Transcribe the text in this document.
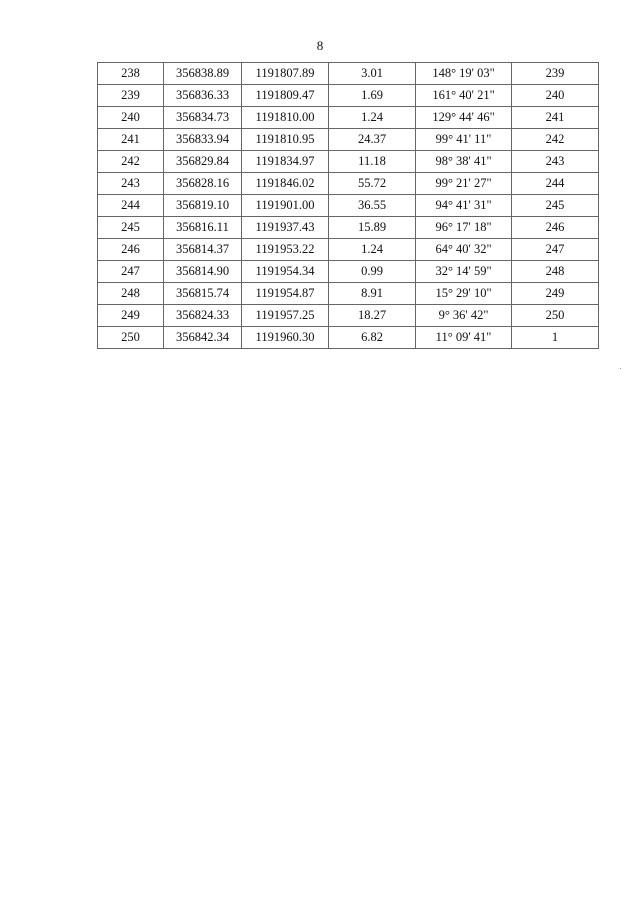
8
238	356838.89	1191807.89	3.01	148° 19' 03"	239
239	356836.33	1191809.47	1.69	161° 40' 21"	240
240	356834.73	1191810.00	1.24	129° 44' 46"	241
241	356833.94	1191810.95	24.37	99° 41' 11"	242
242	356829.84	1191834.97	11.18	98° 38' 41"	243
243	356828.16	1191846.02	55.72	99° 21' 27"	244
244	356819.10	1191901.00	36.55	94° 41' 31"	245
245	356816.11	1191937.43	15.89	96° 17' 18"	246
246	356814.37	1191953.22	1.24	64° 40' 32"	247
247	356814.90	1191954.34	0.99	32° 14' 59"	248
248	356815.74	1191954.87	8.91	15° 29' 10"	249
249	356824.33	1191957.25	18.27	9° 36' 42"	250
250	356842.34	1191960.30	6.82	11° 09' 41"	1
